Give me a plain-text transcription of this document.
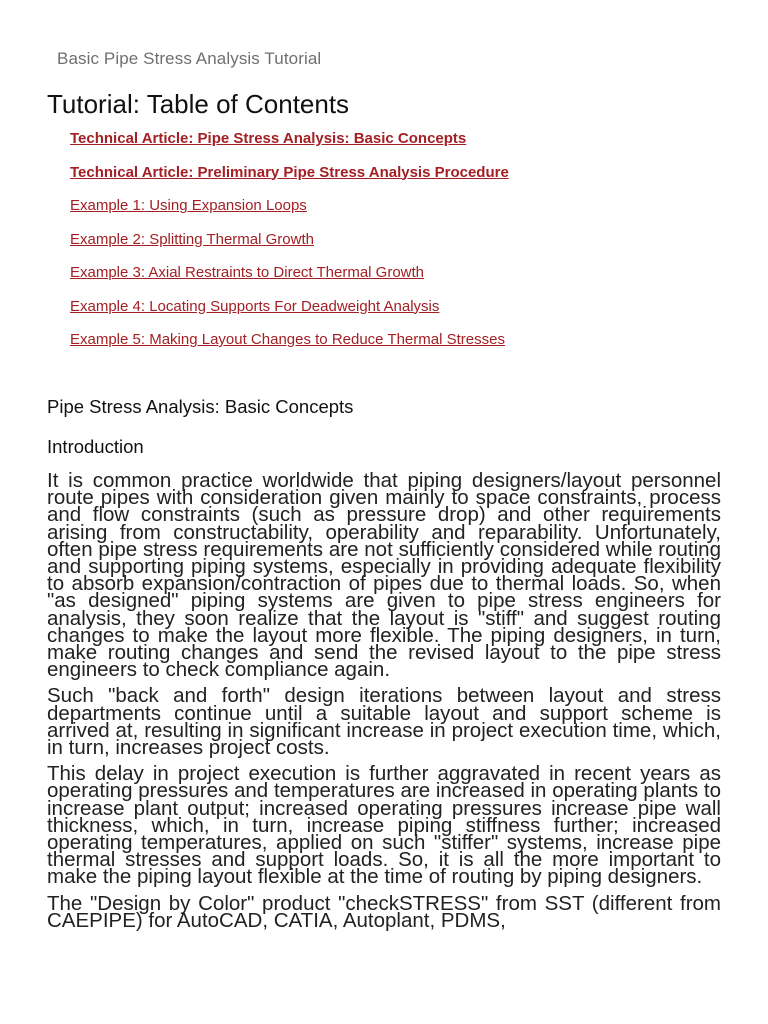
Basic Pipe Stress Analysis Tutorial
Tutorial: Table of Contents
Technical Article: Pipe Stress Analysis: Basic Concepts
Technical Article: Preliminary Pipe Stress Analysis Procedure
Example 1: Using Expansion Loops
Example 2: Splitting Thermal Growth
Example 3: Axial Restraints to Direct Thermal Growth
Example 4: Locating Supports For Deadweight Analysis
Example 5: Making Layout Changes to Reduce Thermal Stresses
Pipe Stress Analysis: Basic Concepts
Introduction

It is common practice worldwide that piping designers/layout personnel route pipes with consideration given mainly to space constraints, process and flow constraints (such as pressure drop) and other requirements arising from constructability, operability and reparability. Unfortunately, often pipe stress requirements are not sufficiently considered while routing and supporting piping systems, especially in providing adequate flexibility to absorb expansion/contraction of pipes due to thermal loads. So, when "as designed" piping systems are given to pipe stress engineers for analysis, they soon realize that the layout is "stiff" and suggest routing changes to make the layout more flexible. The piping designers, in turn, make routing changes and send the revised layout to the pipe stress engineers to check compliance again.

Such "back and forth" design iterations between layout and stress departments continue until a suitable layout and support scheme is arrived at, resulting in significant increase in project execution time, which, in turn, increases project costs.

This delay in project execution is further aggravated in recent years as operating pressures and temperatures are increased in operating plants to increase plant output; increased operating pressures increase pipe wall thickness, which, in turn, increase piping stiffness further; increased operating temperatures, applied on such "stiffer" systems, increase pipe thermal stresses and support loads. So, it is all the more important to make the piping layout flexible at the time of routing by piping designers.

The "Design by Color" product "checkSTRESS" from SST (different from CAEPIPE) for AutoCAD, CATIA, Autoplant, PDMS,
